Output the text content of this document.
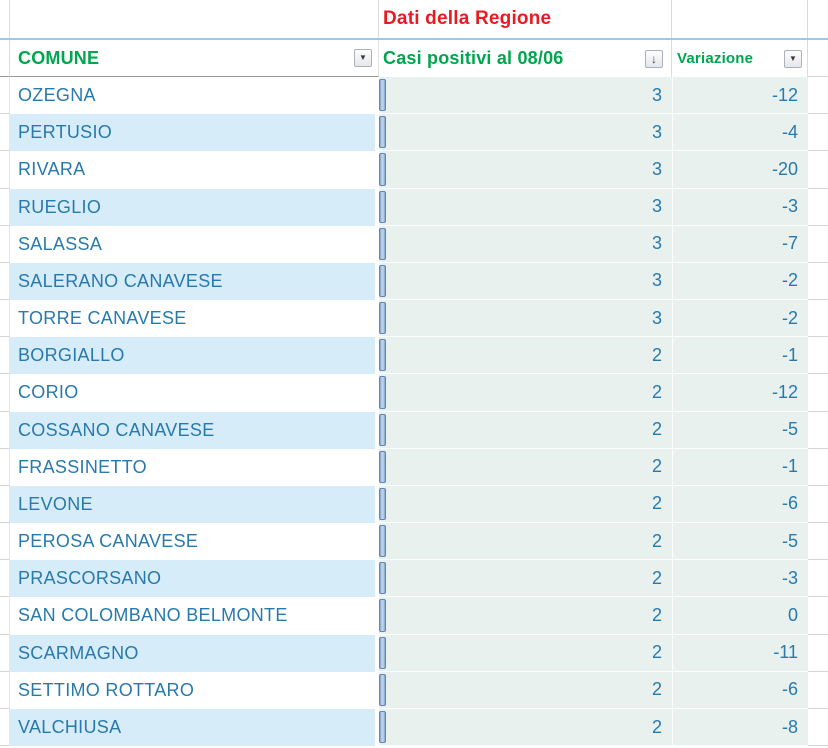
Dati della Regione
COMUNE	▼ Casi positivi al 08/06	↓ Variazione	▼
OZEGNA	3	-12
PERTUSIO	3	-4
RIVARA	3	-20
RUEGLIO	3	-3
SALASSA	3	-7
SALERANO CANAVESE	3	-2
TORRE CANAVESE	3	-2
BORGIALLO	2	-1
CORIO	2	-12
COSSANO CANAVESE	2	-5
FRASSINETTO	2	-1
LEVONE	2	-6
PEROSA CANAVESE	2	-5
PRASCORSANO	2	-3
SAN COLOMBANO BELMONTE	2	0
SCARMAGNO	2	-11
SETTIMO ROTTARO	2	-6
VALCHIUSA	2	-8
